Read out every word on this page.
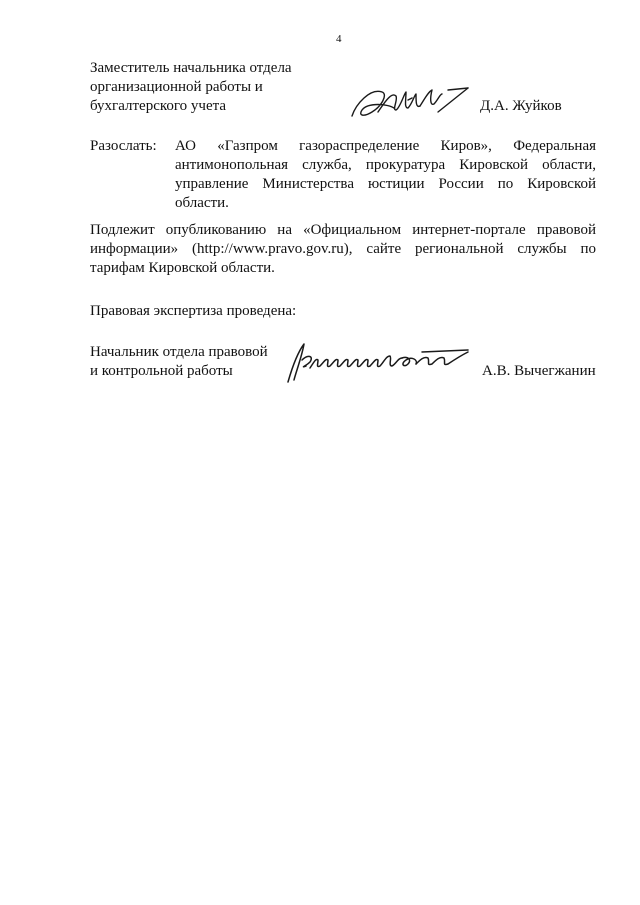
4
Заместитель начальника отдела
организационной работы и
бухгалтерского учета	Д.А. Жуйков
Разослать: АО «Газпром газораспределение Киров», Федеральная антимонопольная служба, прокуратура Кировской области, управление Министерства юстиции России по Кировской области.
Подлежит опубликованию на «Официальном интернет-портале правовой информации» (http://www.pravo.gov.ru), сайте региональной службы по тарифам Кировской области.
Правовая экспертиза проведена:
Начальник отдела правовой
и контрольной работы	А.В. Вычегжанин
